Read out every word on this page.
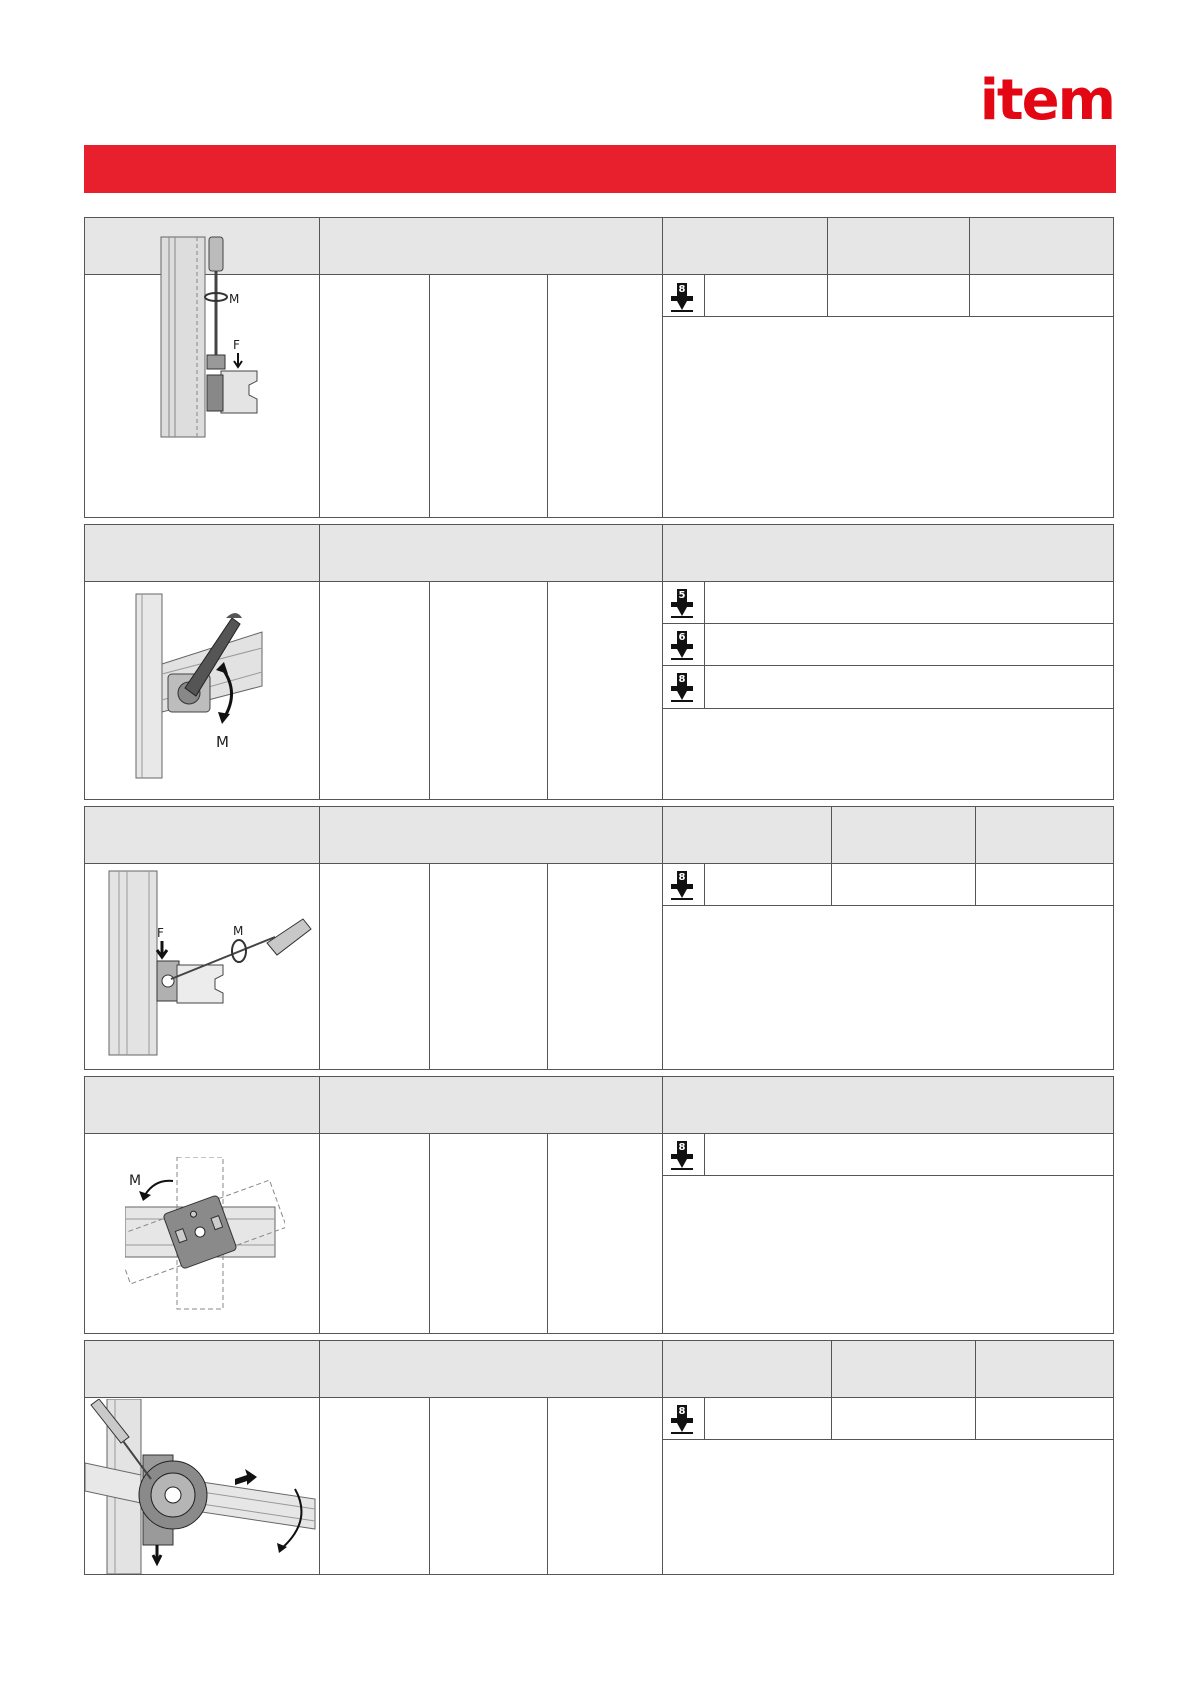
item
8
M
F
5
6
8
M
8
F	M
8
M
8
